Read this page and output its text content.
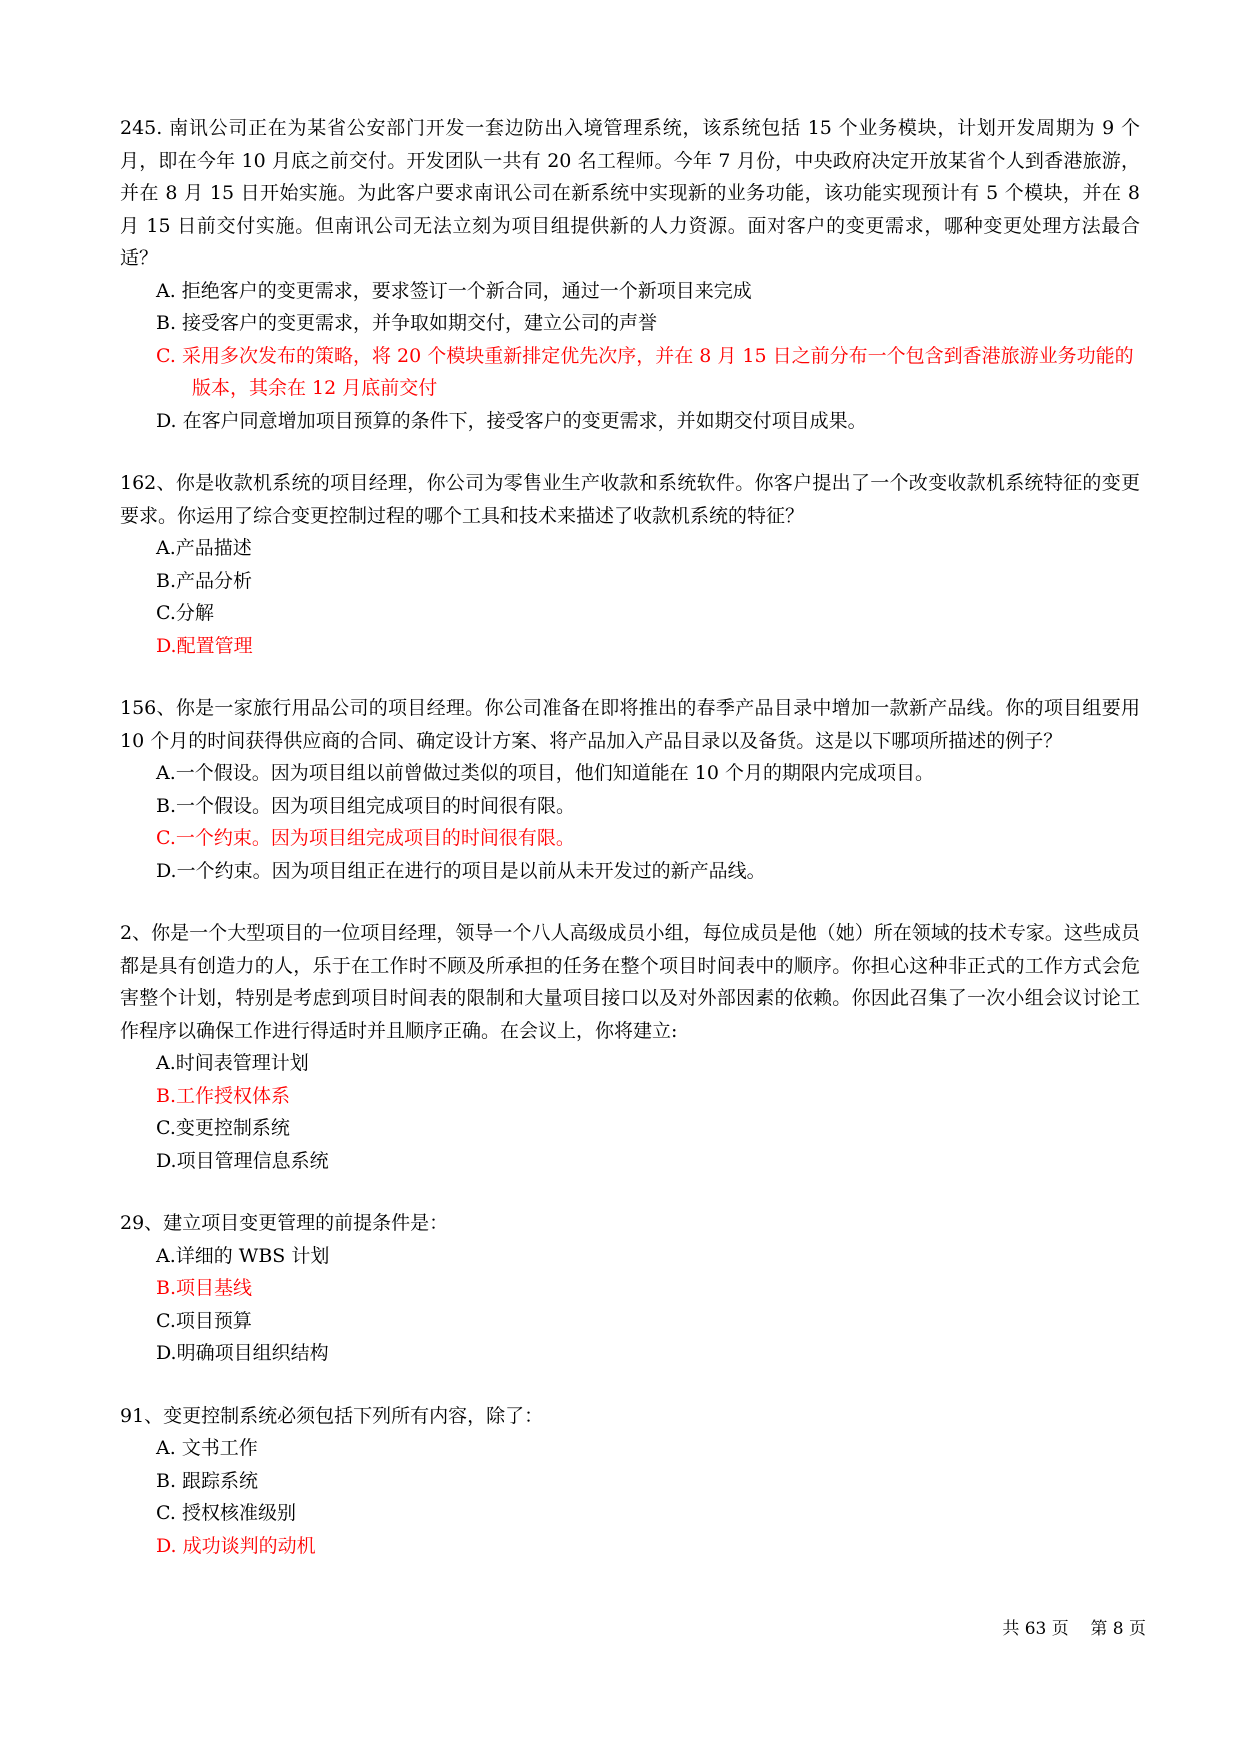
245. 南讯公司正在为某省公安部门开发一套边防出入境管理系统，该系统包括 15 个业务模块，计划开发周期为 9 个月，即在今年 10 月底之前交付。开发团队一共有 20 名工程师。今年 7 月份，中央政府决定开放某省个人到香港旅游，并在 8 月 15 日开始实施。为此客户要求南讯公司在新系统中实现新的业务功能，该功能实现预计有 5 个模块，并在 8 月 15 日前交付实施。但南讯公司无法立刻为项目组提供新的人力资源。面对客户的变更需求，哪种变更处理方法最合适？

A. 拒绝客户的变更需求，要求签订一个新合同，通过一个新项目来完成

B. 接受客户的变更需求，并争取如期交付，建立公司的声誉

C. 采用多次发布的策略，将 20 个模块重新排定优先次序，并在 8 月 15 日之前分布一个包含到香港旅游业务功能的版本，其余在 12 月底前交付

D. 在客户同意增加项目预算的条件下，接受客户的变更需求，并如期交付项目成果。

162、你是收款机系统的项目经理，你公司为零售业生产收款和系统软件。你客户提出了一个改变收款机系统特征的变更要求。你运用了综合变更控制过程的哪个工具和技术来描述了收款机系统的特征？

A.产品描述

B.产品分析

C.分解

D.配置管理

156、你是一家旅行用品公司的项目经理。你公司准备在即将推出的春季产品目录中增加一款新产品线。你的项目组要用 10 个月的时间获得供应商的合同、确定设计方案、将产品加入产品目录以及备货。这是以下哪项所描述的例子？

A.一个假设。因为项目组以前曾做过类似的项目，他们知道能在 10 个月的期限内完成项目。

B.一个假设。因为项目组完成项目的时间很有限。

C.一个约束。因为项目组完成项目的时间很有限。

D.一个约束。因为项目组正在进行的项目是以前从未开发过的新产品线。

2、你是一个大型项目的一位项目经理，领导一个八人高级成员小组，每位成员是他（她）所在领域的技术专家。这些成员都是具有创造力的人，乐于在工作时不顾及所承担的任务在整个项目时间表中的顺序。你担心这种非正式的工作方式会危害整个计划，特别是考虑到项目时间表的限制和大量项目接口以及对外部因素的依赖。你因此召集了一次小组会议讨论工作程序以确保工作进行得适时并且顺序正确。在会议上，你将建立:

A.时间表管理计划

B.工作授权体系

C.变更控制系统

D.项目管理信息系统

29、建立项目变更管理的前提条件是：

A.详细的 WBS 计划

B.项目基线

C.项目预算

D.明确项目组织结构

91、变更控制系统必须包括下列所有内容，除了：

A. 文书工作

B. 跟踪系统

C. 授权核准级别

D. 成功谈判的动机

共 63 页    第 8 页
